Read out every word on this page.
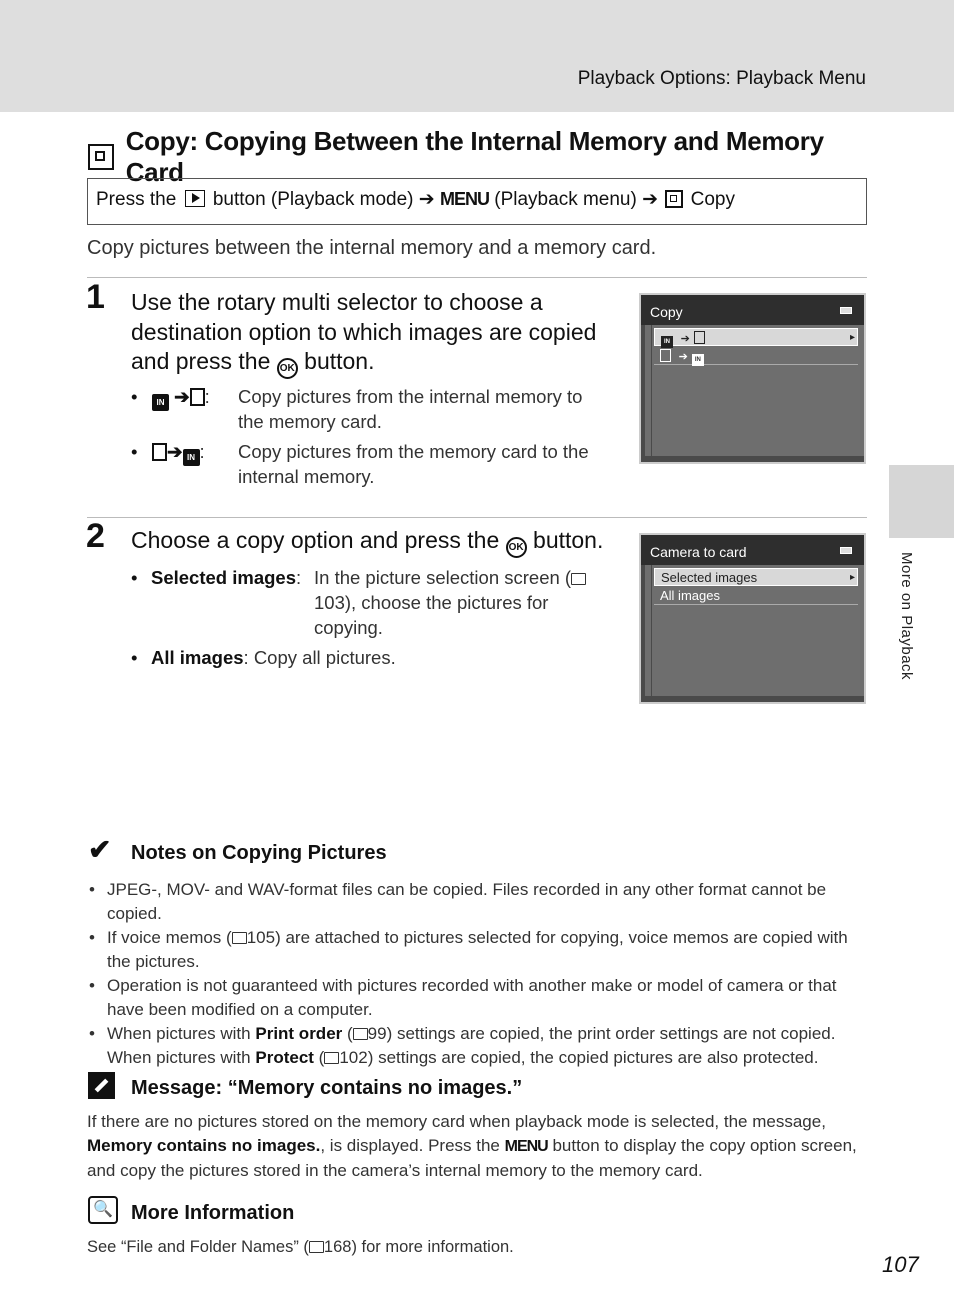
Playback Options: Playback Menu
Copy: Copying Between the Internal Memory and Memory Card
Press the button (Playback mode) ➔ MENU (Playback menu) ➔ Copy
Copy pictures between the internal memory and a memory card.
1 Use the rotary multi selector to choose a destination option to which images are copied and press the OK button.
•	IN ➔ :	Copy pictures from the internal memory to the memory card.
•	➔ IN :	Copy pictures from the memory card to the internal memory.
Copy
IN ➔	▸
➔ IN
2 Choose a copy option and press the OK button.
• Selected images: In the picture selection screen (103), choose the pictures for copying.
• All images: Copy all pictures.
Camera to card
Selected images	▸
All images	More on Playback
✔ Notes on Copying Pictures
• JPEG-, MOV- and WAV-format files can be copied. Files recorded in any other format cannot be copied.
• If voice memos ( 105) are attached to pictures selected for copying, voice memos are copied with the pictures.
• Operation is not guaranteed with pictures recorded with another make or model of camera or that have been modified on a computer.
• When pictures with Print order ( 99) settings are copied, the print order settings are not copied. When pictures with Protect ( 102) settings are copied, the copied pictures are also protected.
Message: “Memory contains no images.”
If there are no pictures stored on the memory card when playback mode is selected, the message, Memory contains no images., is displayed. Press the MENU button to display the copy option screen, and copy the pictures stored in the camera’s internal memory to the memory card.
🔍 More Information
See “File and Folder Names” ( 168) for more information.
107
